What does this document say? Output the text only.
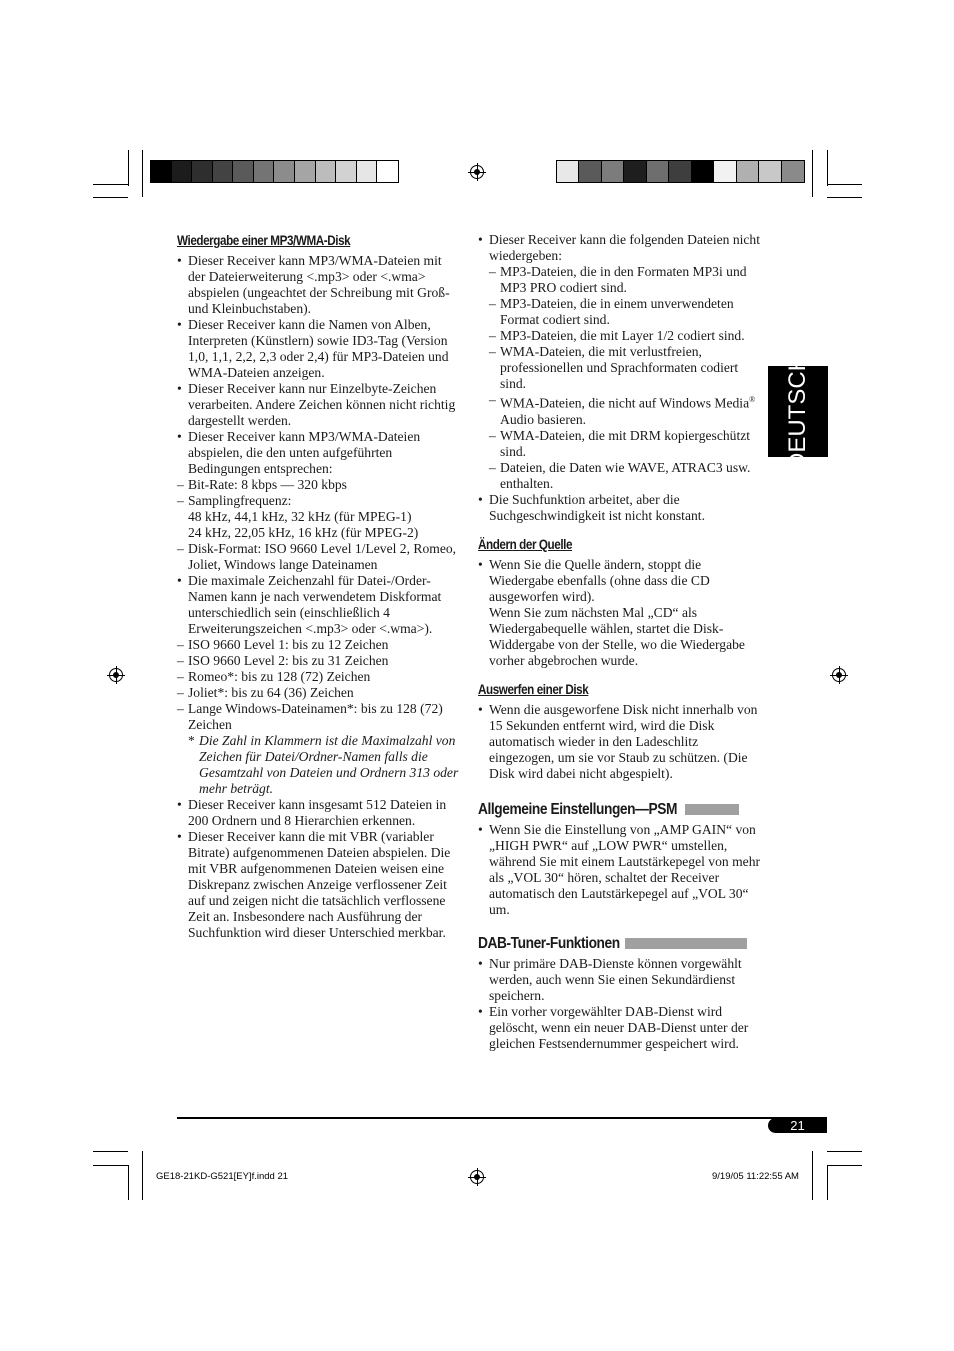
DEUTSCH
Wiedergabe einer MP3/WMA-Disk
• Dieser Receiver kann MP3/WMA-Dateien mit der Dateierweiterung <.mp3> oder <.wma> abspielen (ungeachtet der Schreibung mit Groß- und Kleinbuchstaben).
• Dieser Receiver kann die Namen von Alben, Interpreten (Künstlern) sowie ID3-Tag (Version 1,0, 1,1, 2,2, 2,3 oder 2,4) für MP3-Dateien und WMA-Dateien anzeigen.
• Dieser Receiver kann nur Einzelbyte-Zeichen verarbeiten. Andere Zeichen können nicht richtig dargestellt werden.
• Dieser Receiver kann MP3/WMA-Dateien abspielen, die den unten aufgeführten Bedingungen entsprechen:
– Bit-Rate: 8 kbps — 320 kbps
– Samplingfrequenz:
48 kHz, 44,1 kHz, 32 kHz (für MPEG-1)
24 kHz, 22,05 kHz, 16 kHz (für MPEG-2)
– Disk-Format: ISO 9660 Level 1/Level 2, Romeo, Joliet, Windows lange Dateinamen
• Die maximale Zeichenzahl für Datei-/Order-Namen kann je nach verwendetem Diskformat unterschiedlich sein (einschließlich 4 Erweiterungszeichen <.mp3> oder <.wma>).
– ISO 9660 Level 1: bis zu 12 Zeichen
– ISO 9660 Level 2: bis zu 31 Zeichen
– Romeo*: bis zu 128 (72) Zeichen
– Joliet*: bis zu 64 (36) Zeichen
– Lange Windows-Dateinamen*: bis zu 128 (72) Zeichen
* Die Zahl in Klammern ist die Maximalzahl von Zeichen für Datei/Ordner-Namen falls die Gesamtzahl von Dateien und Ordnern 313 oder mehr beträgt.
• Dieser Receiver kann insgesamt 512 Dateien in 200 Ordnern und 8 Hierarchien erkennen.
• Dieser Receiver kann die mit VBR (variabler Bitrate) aufgenommenen Dateien abspielen. Die mit VBR aufgenommenen Dateien weisen eine Diskrepanz zwischen Anzeige verflossener Zeit auf und zeigen nicht die tatsächlich verflossene Zeit an. Insbesondere nach Ausführung der Suchfunktion wird dieser Unterschied merkbar.
• Dieser Receiver kann die folgenden Dateien nicht wiedergeben:
– MP3-Dateien, die in den Formaten MP3i und MP3 PRO codiert sind.
– MP3-Dateien, die in einem unverwendeten Format codiert sind.
– MP3-Dateien, die mit Layer 1/2 codiert sind.
– WMA-Dateien, die mit verlustfreien, professionellen und Sprachformaten codiert sind.
– WMA-Dateien, die nicht auf Windows Media® Audio basieren.
– WMA-Dateien, die mit DRM kopiergeschützt sind.
– Dateien, die Daten wie WAVE, ATRAC3 usw. enthalten.
• Die Suchfunktion arbeitet, aber die Suchgeschwindigkeit ist nicht konstant.
Ändern der Quelle
• Wenn Sie die Quelle ändern, stoppt die Wiedergabe ebenfalls (ohne dass die CD ausgeworfen wird).
Wenn Sie zum nächsten Mal „CD“ als Wiedergabequelle wählen, startet die Disk-Widdergabe von der Stelle, wo die Wiedergabe vorher abgebrochen wurde.
Auswerfen einer Disk
• Wenn die ausgeworfene Disk nicht innerhalb von 15 Sekunden entfernt wird, wird die Disk automatisch wieder in den Ladeschlitz eingezogen, um sie vor Staub zu schützen. (Die Disk wird dabei nicht abgespielt).
Allgemeine Einstellungen—PSM
• Wenn Sie die Einstellung von „AMP GAIN“ von „HIGH PWR“ auf „LOW PWR“ umstellen, während Sie mit einem Lautstärkepegel von mehr als „VOL 30“ hören, schaltet der Receiver automatisch den Lautstärkepegel auf „VOL 30“ um.
DAB-Tuner-Funktionen
• Nur primäre DAB-Dienste können vorgewählt werden, auch wenn Sie einen Sekundärdienst speichern.
• Ein vorher vorgewählter DAB-Dienst wird gelöscht, wenn ein neuer DAB-Dienst unter der gleichen Festsendernummer gespeichert wird.
21
GE18-21KD-G521[EY]f.indd 21	9/19/05 11:22:55 AM
